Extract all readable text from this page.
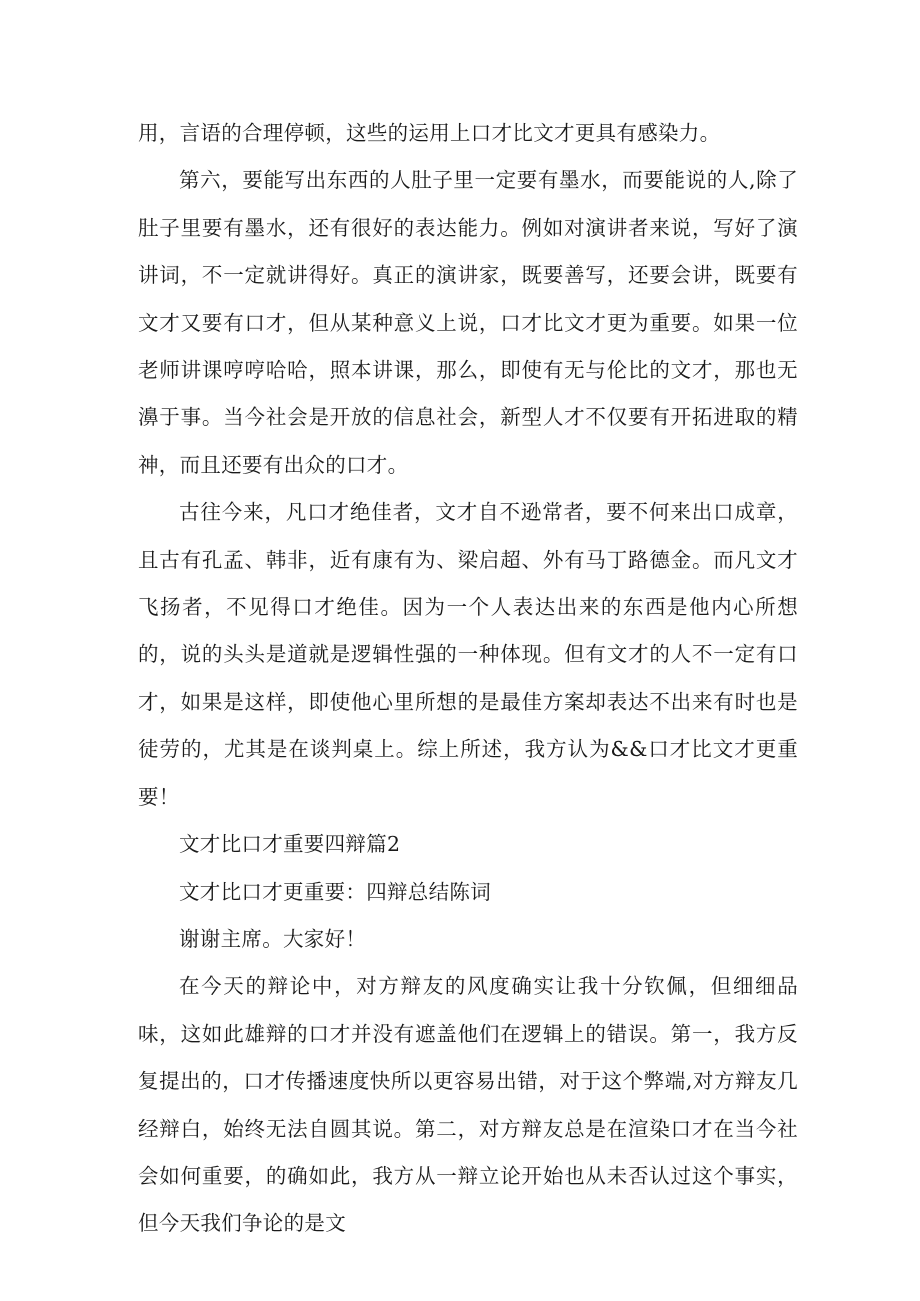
用，言语的合理停顿，这些的运用上口才比文才更具有感染力。

第六，要能写出东西的人肚子里一定要有墨水，而要能说的人,除了肚子里要有墨水，还有很好的表达能力。例如对演讲者来说，写好了演讲词，不一定就讲得好。真正的演讲家，既要善写，还要会讲，既要有文才又要有口才，但从某种意义上说，口才比文才更为重要。如果一位老师讲课哼哼哈哈，照本讲课，那么，即使有无与伦比的文才，那也无濞于事。当今社会是开放的信息社会，新型人才不仅要有开拓进取的精神，而且还要有出众的口才。

古往今来，凡口才绝佳者，文才自不逊常者，要不何来出口成章，且古有孔孟、韩非，近有康有为、梁启超、外有马丁路德金。而凡文才飞扬者，不见得口才绝佳。因为一个人表达出来的东西是他内心所想的，说的头头是道就是逻辑性强的一种体现。但有文才的人不一定有口才，如果是这样，即使他心里所想的是最佳方案却表达不出来有时也是徒劳的，尤其是在谈判桌上。综上所述，我方认为&&口才比文才更重要！

文才比口才重要四辩篇2

文才比口才更重要：四辩总结陈词

谢谢主席。大家好！

在今天的辩论中，对方辩友的风度确实让我十分钦佩，但细细品味，这如此雄辩的口才并没有遮盖他们在逻辑上的错误。第一，我方反复提出的，口才传播速度快所以更容易出错，对于这个弊端,对方辩友几经辩白，始终无法自圆其说。第二，对方辩友总是在渲染口才在当今社会如何重要，的确如此，我方从一辩立论开始也从未否认过这个事实，但今天我们争论的是文
